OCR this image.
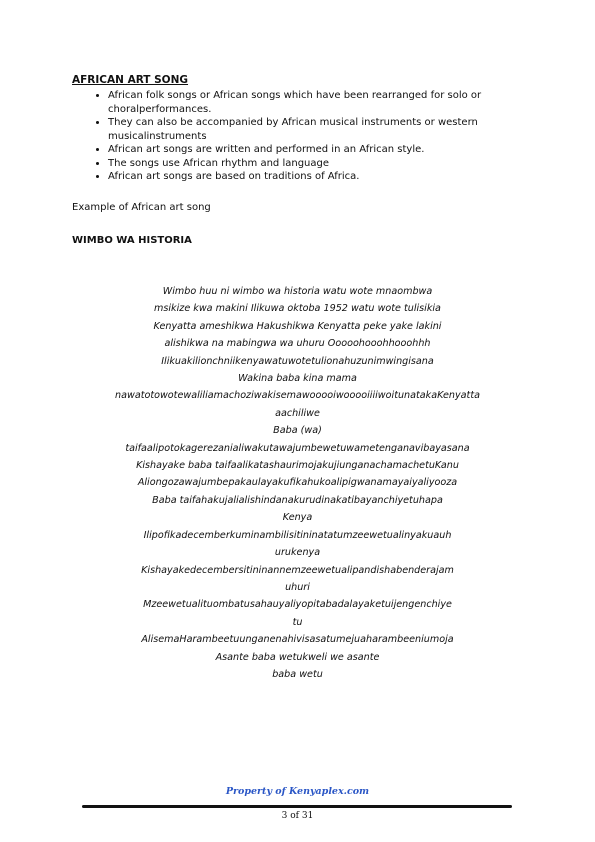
AFRICAN ART SONG
• African folk songs or African songs which have been rearranged for solo or choralperformances.
• They can also be accompanied by African musical instruments or western musicalinstruments
• African art songs are written and performed in an African style.
• The songs use African rhythm and language
• African art songs are based on traditions of Africa.
Example of African art song
WIMBO WA HISTORIA
Wimbo huu ni wimbo wa historia watu wote mnaombwa
msikize kwa makini Ilikuwa oktoba 1952 watu wote tulisikia
Kenyatta ameshikwa Hakushikwa Kenyatta peke yake lakini
alishikwa na mabingwa wa uhuru Ooooohooohhooohhh
Ilikuakilionchniikenyawatuwotetulionahuzunimwingisana
Wakina baba kina mama
nawatotowotewaliliamachoziwakisemawooooiwooooiiiiwoitunatakaKenyatta
aachiliwe
Baba (wa)
taifaalipotokagerezanialiwakutawajumbewetuwametenganavibayasana
Kishayake baba taifaalikatashaurimojakujiunganachamachetuKanu
Aliongozawajumbepakaulayakufikahukoalipigwanamayaiyaliyooza
Baba taifahakujalialishindanakurudinakatibayanchiyetuhapa
Kenya
Ilipofikadecemberkuminambilisitininatatumzeewetualinyakuauh
urukenya
Kishayakedecembersitininannemzeewetualipandishabenderajam
uhuri
Mzeewetualituombatusahauyaliyopitabadalayaketuijengenchiye
tu
AlisemaHarambeetuunganenahivisasatumejuaharambeeniumoja
Asante baba wetukweli we asante
baba wetu
Property of Kenyaplex.com
3 of 31
